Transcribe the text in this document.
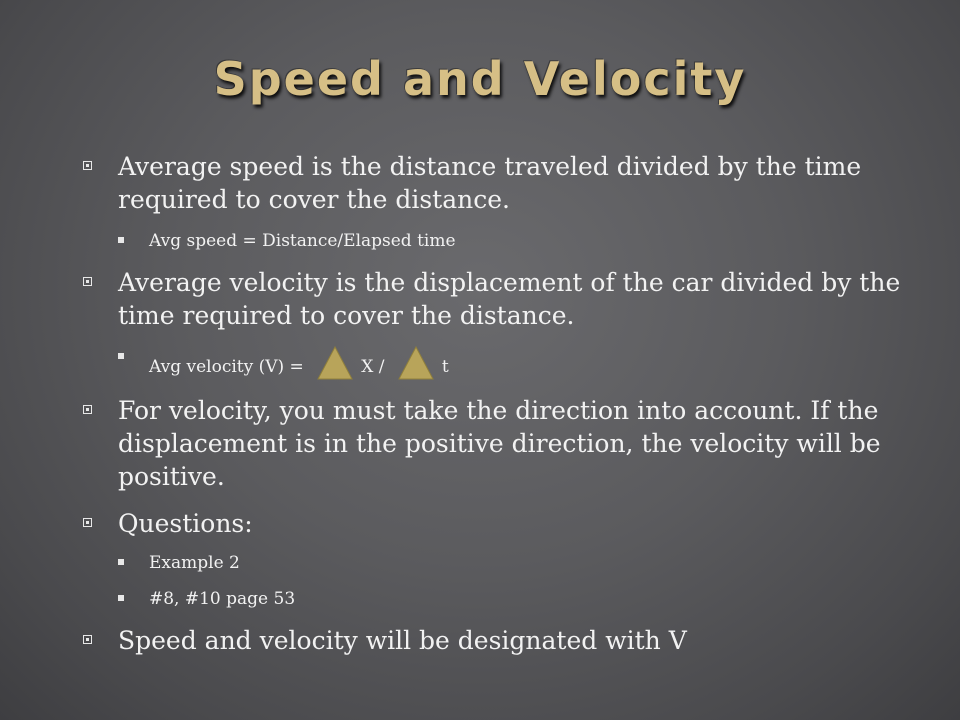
Speed and Velocity
Average speed is the distance traveled divided by the time required to cover the distance.
Avg speed = Distance/Elapsed time
Average velocity is the displacement of the car divided by the time required to cover the distance.
Avg velocity (V) =	X /	t
For velocity, you must take the direction into account. If the displacement is in the positive direction, the velocity will be positive.
Questions:
Example 2
#8, #10 page 53
Speed and velocity will be designated with V
